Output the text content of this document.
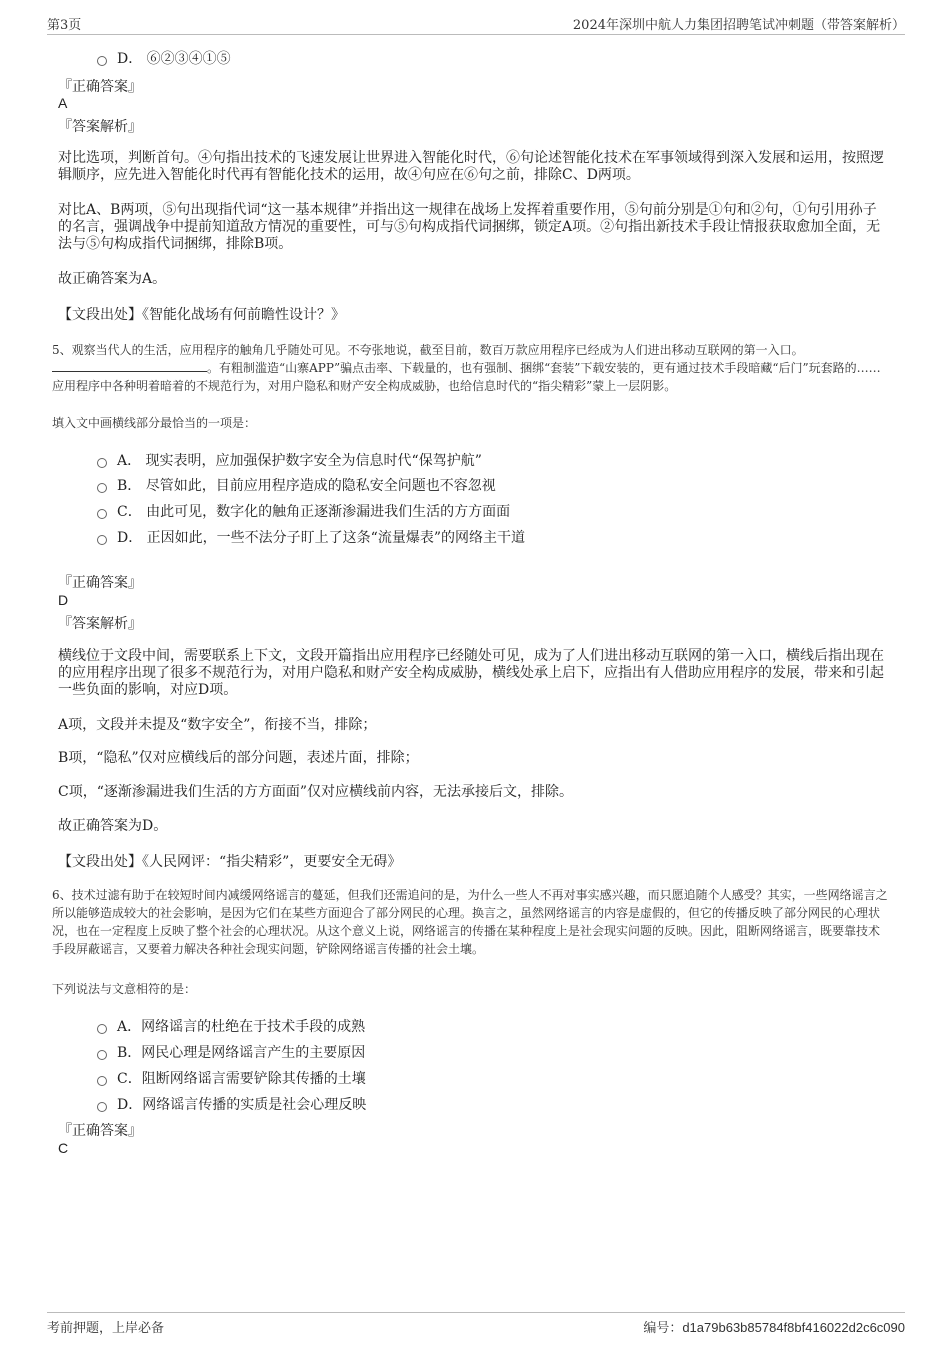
第3页	2024年深圳中航人力集团招聘笔试冲刺题（带答案解析）
D． ⑥②③④①⑤
『正确答案』
A
『答案解析』
对比选项，判断首句。④句指出技术的飞速发展让世界进入智能化时代，⑥句论述智能化技术在军事领域得到深入发展和运用，按照逻辑顺序，应先进入智能化时代再有智能化技术的运用，故④句应在⑥句之前，排除C、D两项。
对比A、B两项，⑤句出现指代词“这一基本规律”并指出这一规律在战场上发挥着重要作用，⑤句前分别是①句和②句，①句引用孙子的名言，强调战争中提前知道敌方情况的重要性，可与⑤句构成指代词捆绑，锁定A项。②句指出新技术手段让情报获取愈加全面，无法与⑤句构成指代词捆绑，排除B项。
故正确答案为A。
【文段出处】《智能化战场有何前瞻性设计？》
5、观察当代人的生活，应用程序的触角几乎随处可见。不夸张地说，截至目前，数百万款应用程序已经成为人们进出移动互联网的第一入口。
。有粗制滥造“山寨APP”骗点击率、下载量的，也有强制、捆绑“套装”下载安装的，更有通过技术手段暗藏“后门”玩套路的……应用程序中各种明着暗着的不规范行为，对用户隐私和财产安全构成威胁，也给信息时代的“指尖精彩”蒙上一层阴影。
填入文中画横线部分最恰当的一项是：
A． 现实表明，应加强保护数字安全为信息时代“保驾护航”
B． 尽管如此，目前应用程序造成的隐私安全问题也不容忽视
C． 由此可见，数字化的触角正逐渐渗漏进我们生活的方方面面
D． 正因如此，一些不法分子盯上了这条“流量爆表”的网络主干道
『正确答案』
D
『答案解析』
横线位于文段中间，需要联系上下文，文段开篇指出应用程序已经随处可见，成为了人们进出移动互联网的第一入口，横线后指出现在的应用程序出现了很多不规范行为，对用户隐私和财产安全构成威胁，横线处承上启下，应指出有人借助应用程序的发展，带来和引起一些负面的影响，对应D项。
A项，文段并未提及“数字安全”，衔接不当，排除；
B项，“隐私”仅对应横线后的部分问题，表述片面，排除；
C项，“逐渐渗漏进我们生活的方方面面”仅对应横线前内容，无法承接后文，排除。
故正确答案为D。
【文段出处】《人民网评：“指尖精彩”，更要安全无碍》
6、技术过滤有助于在较短时间内减缓网络谣言的蔓延，但我们还需追问的是，为什么一些人不再对事实感兴趣，而只愿追随个人感受？其实，一些网络谣言之所以能够造成较大的社会影响，是因为它们在某些方面迎合了部分网民的心理。换言之，虽然网络谣言的内容是虚假的，但它的传播反映了部分网民的心理状况，也在一定程度上反映了整个社会的心理状况。从这个意义上说，网络谣言的传播在某种程度上是社会现实问题的反映。因此，阻断网络谣言，既要靠技术手段屏蔽谣言，又要着力解决各种社会现实问题，铲除网络谣言传播的社会土壤。
下列说法与文意相符的是：
A．网络谣言的杜绝在于技术手段的成熟
B．网民心理是网络谣言产生的主要原因
C．阻断网络谣言需要铲除其传播的土壤
D．网络谣言传播的实质是社会心理反映
『正确答案』
C
考前押题，上岸必备	编号：d1a79b63b85784f8bf416022d2c6c090
